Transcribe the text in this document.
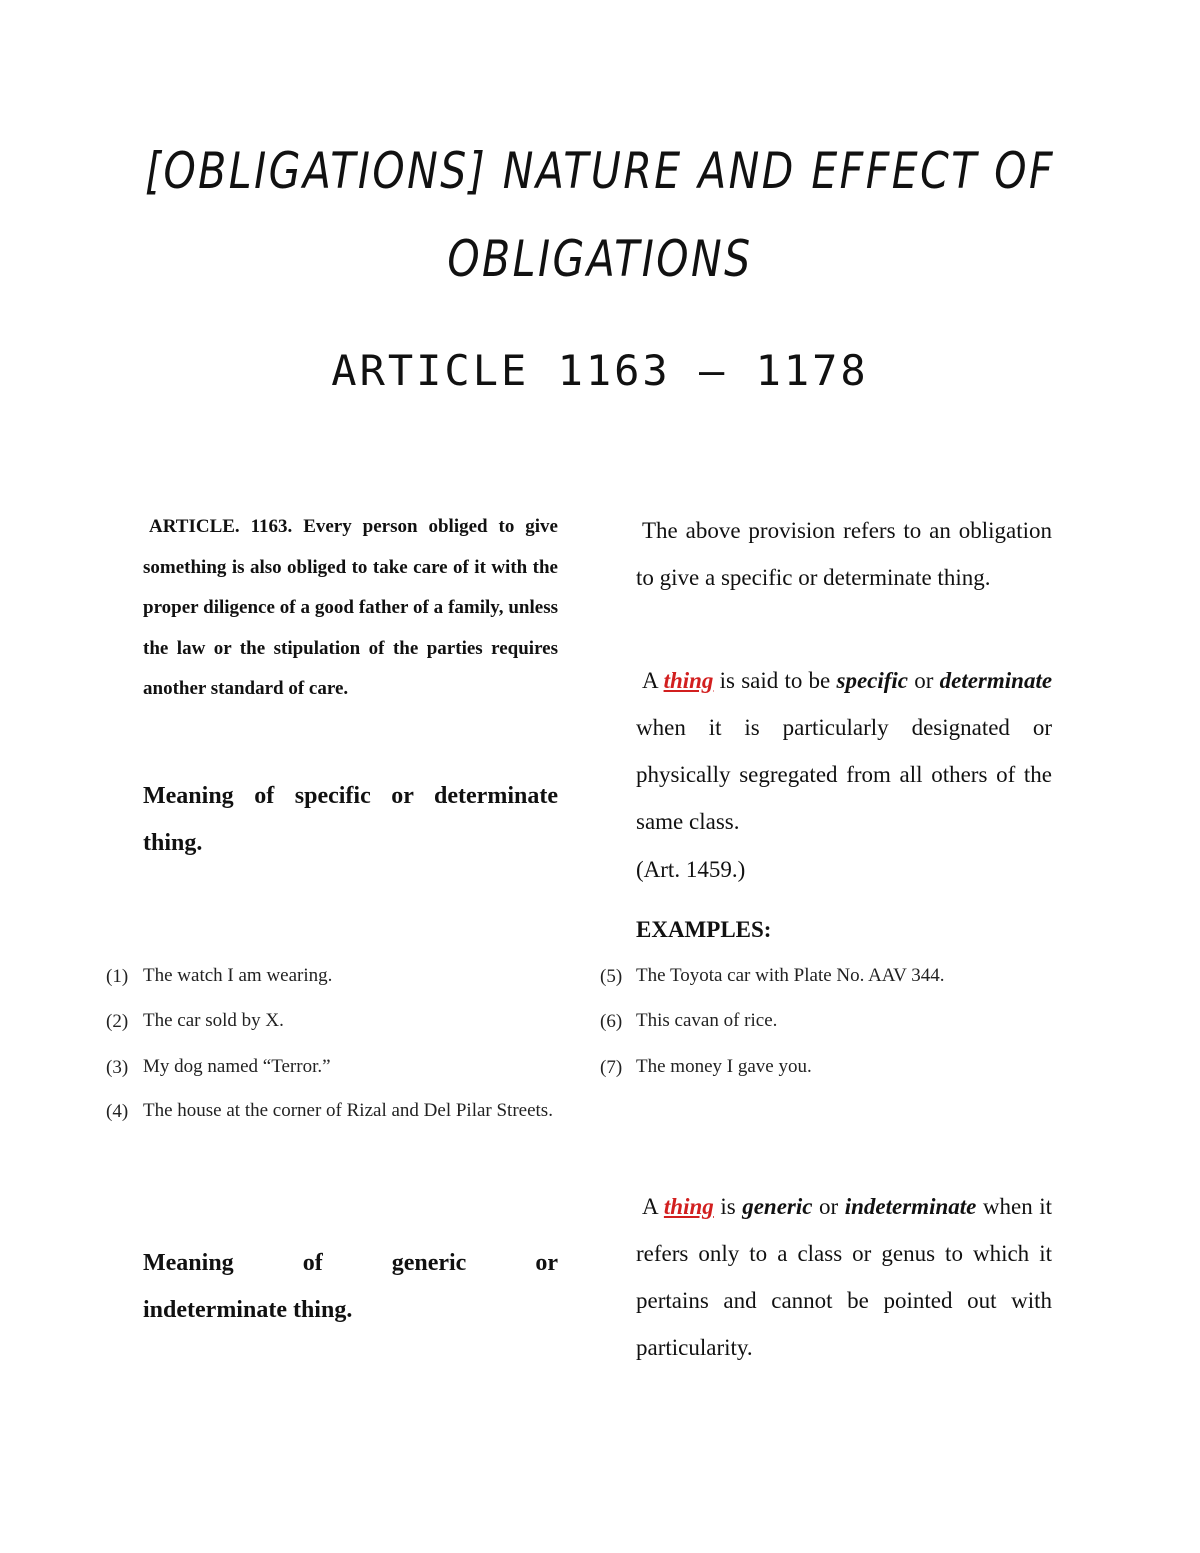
[OBLIGATIONS] NATURE AND EFFECT OF
OBLIGATIONS
ARTICLE 1163 — 1178
ARTICLE. 1163. Every person obliged to give something is also obliged to take care of it with the proper diligence of a good father of a family, unless the law or the stipulation of the parties requires another standard of care.
Meaning of specific or determinate thing.
The above provision refers to an obligation to give a specific or determinate thing.
A thing is said to be specific or determinate when it is particularly designated or physically segregated from all others of the same class.
(Art. 1459.)
EXAMPLES:
(1) The watch I am wearing.
(2) The car sold by X.
(3) My dog named “Terror.”
(4) The house at the corner of Rizal and Del Pilar Streets.
(5) The Toyota car with Plate No. AAV 344.
(6) This cavan of rice.
(7) The money I gave you.
A thing is generic or indeterminate when it refers only to a class or genus to which it pertains and cannot be pointed out with particularity.
Meaning	of	generic	or
indeterminate thing.
